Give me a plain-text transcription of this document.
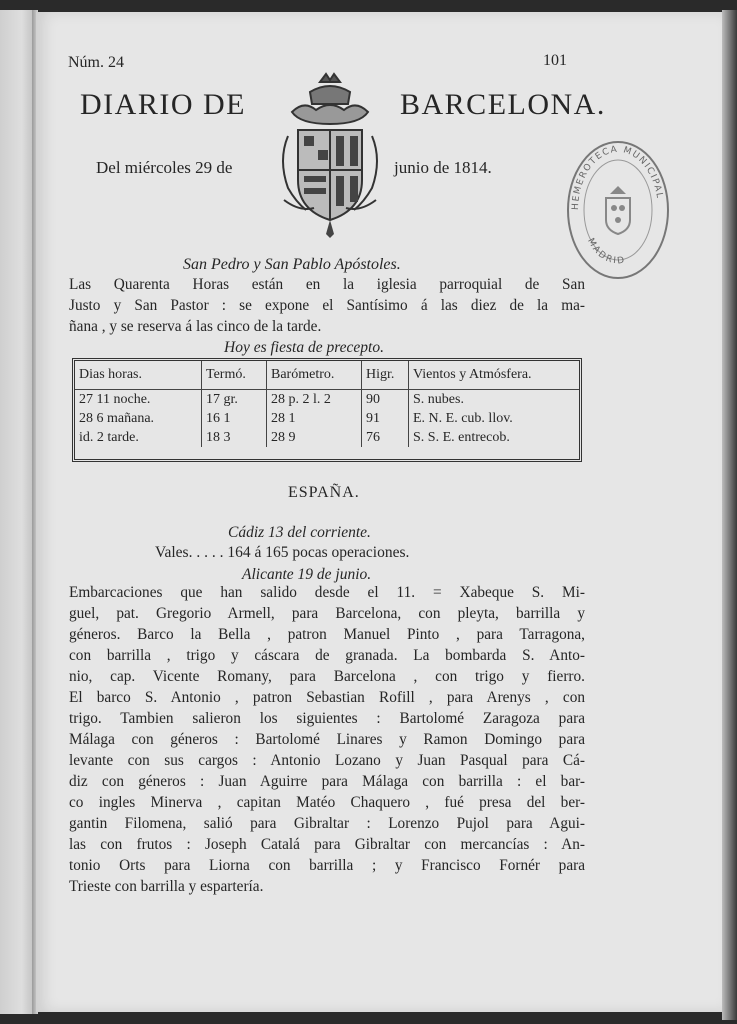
Núm. 24	101
DIARIO DE	BARCELONA.
Del miércoles 29 de	junio de 1814.
HEMEROTECA MUNICIPAL
MADRID
San Pedro y San Pablo Apóstoles.
Las Quarenta Horas están en la iglesia parroquial de San
Justo y San Pastor : se expone el Santísimo á las diez de la ma-
ñana , y se reserva á las cinco de la tarde.
Hoy es fiesta de precepto.
Dias horas.	Termó.	Barómetro.	Higr.	Vientos y Atmósfera.
27 11 noche.	17 gr.	28 p. 2 l. 2	90	S. nubes.
28 6 mañana.	16 1	28 1	91	E. N. E. cub. llov.
id. 2 tarde.	18 3	28 9	76	S. S. E. entrecob.
ESPAÑA.
Cádiz 13 del corriente.
Vales. . . . . 164 á 165 pocas operaciones.
Alicante 19 de junio.
Embarcaciones que han salido desde el 11. = Xabeque S. Mi-
guel, pat. Gregorio Armell, para Barcelona, con pleyta, barrilla y
géneros. Barco la Bella , patron Manuel Pinto , para Tarragona,
con barrilla , trigo y cáscara de granada. La bombarda S. Anto-
nio, cap. Vicente Romany, para Barcelona , con trigo y fierro.
El barco S. Antonio , patron Sebastian Rofill , para Arenys , con
trigo. Tambien salieron los siguientes : Bartolomé Zaragoza para
Málaga con géneros : Bartolomé Linares y Ramon Domingo para
levante con sus cargos : Antonio Lozano y Juan Pasqual para Cá-
diz con géneros : Juan Aguirre para Málaga con barrilla : el bar-
co ingles Minerva , capitan Matéo Chaquero , fué presa del ber-
gantin Filomena, salió para Gibraltar : Lorenzo Pujol para Agui-
las con frutos : Joseph Catalá para Gibraltar con mercancías : An-
tonio Orts para Liorna con barrilla ; y Francisco Fornér para
Trieste con barrilla y espartería.
